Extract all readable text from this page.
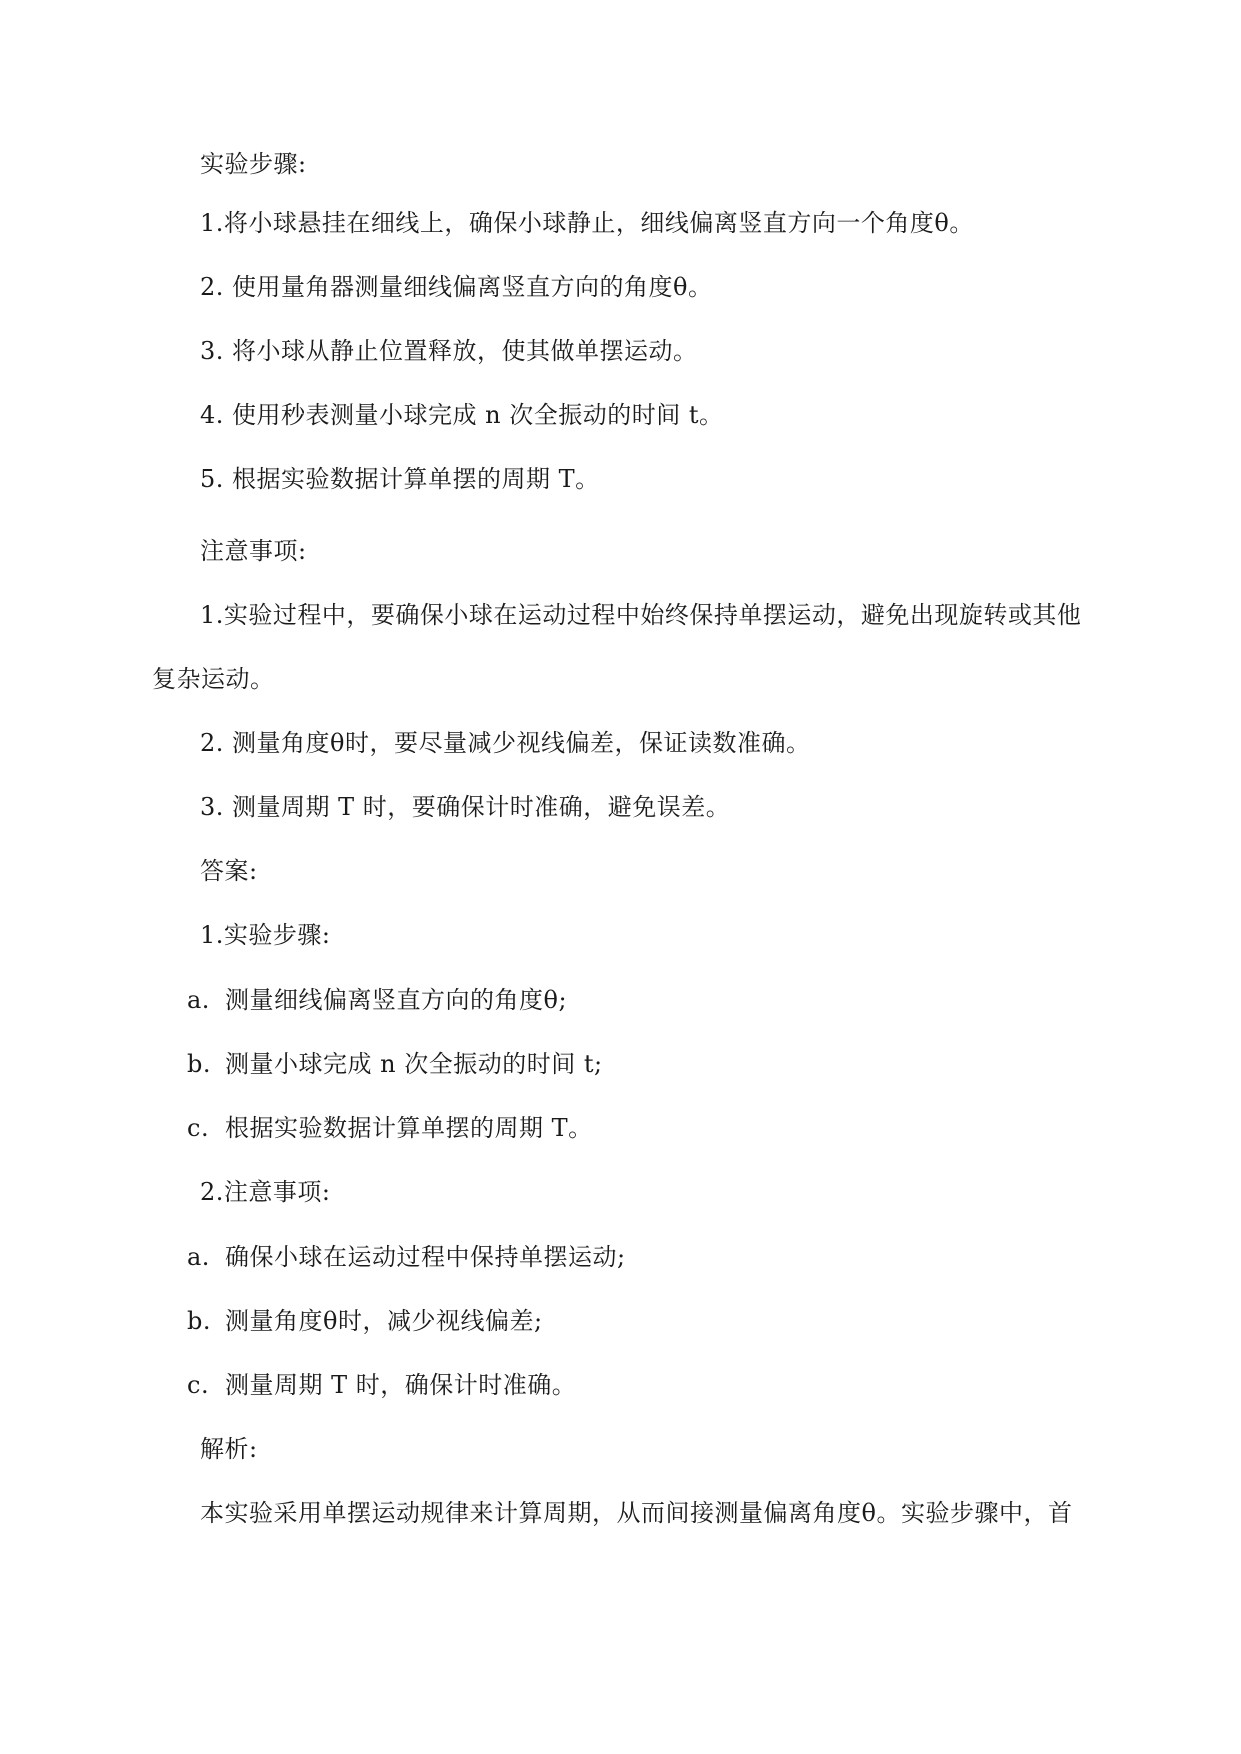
实验步骤:
1.将小球悬挂在细线上，确保小球静止，细线偏离竖直方向一个角度θ。
2. 使用量角器测量细线偏离竖直方向的角度θ。
3. 将小球从静止位置释放，使其做单摆运动。
4. 使用秒表测量小球完成 n 次全振动的时间 t。
5. 根据实验数据计算单摆的周期 T。
注意事项:
1.实验过程中，要确保小球在运动过程中始终保持单摆运动，避免出现旋转或其他
复杂运动。
2. 测量角度θ时，要尽量减少视线偏差，保证读数准确。
3. 测量周期 T 时，要确保计时准确，避免误差。
答案:
1.实验步骤:
a. 测量细线偏离竖直方向的角度θ;
b. 测量小球完成 n 次全振动的时间 t;
c. 根据实验数据计算单摆的周期 T。
2.注意事项:
a. 确保小球在运动过程中保持单摆运动;
b. 测量角度θ时，减少视线偏差;
c. 测量周期 T 时，确保计时准确。
解析:
本实验采用单摆运动规律来计算周期，从而间接测量偏离角度θ。实验步骤中，首
